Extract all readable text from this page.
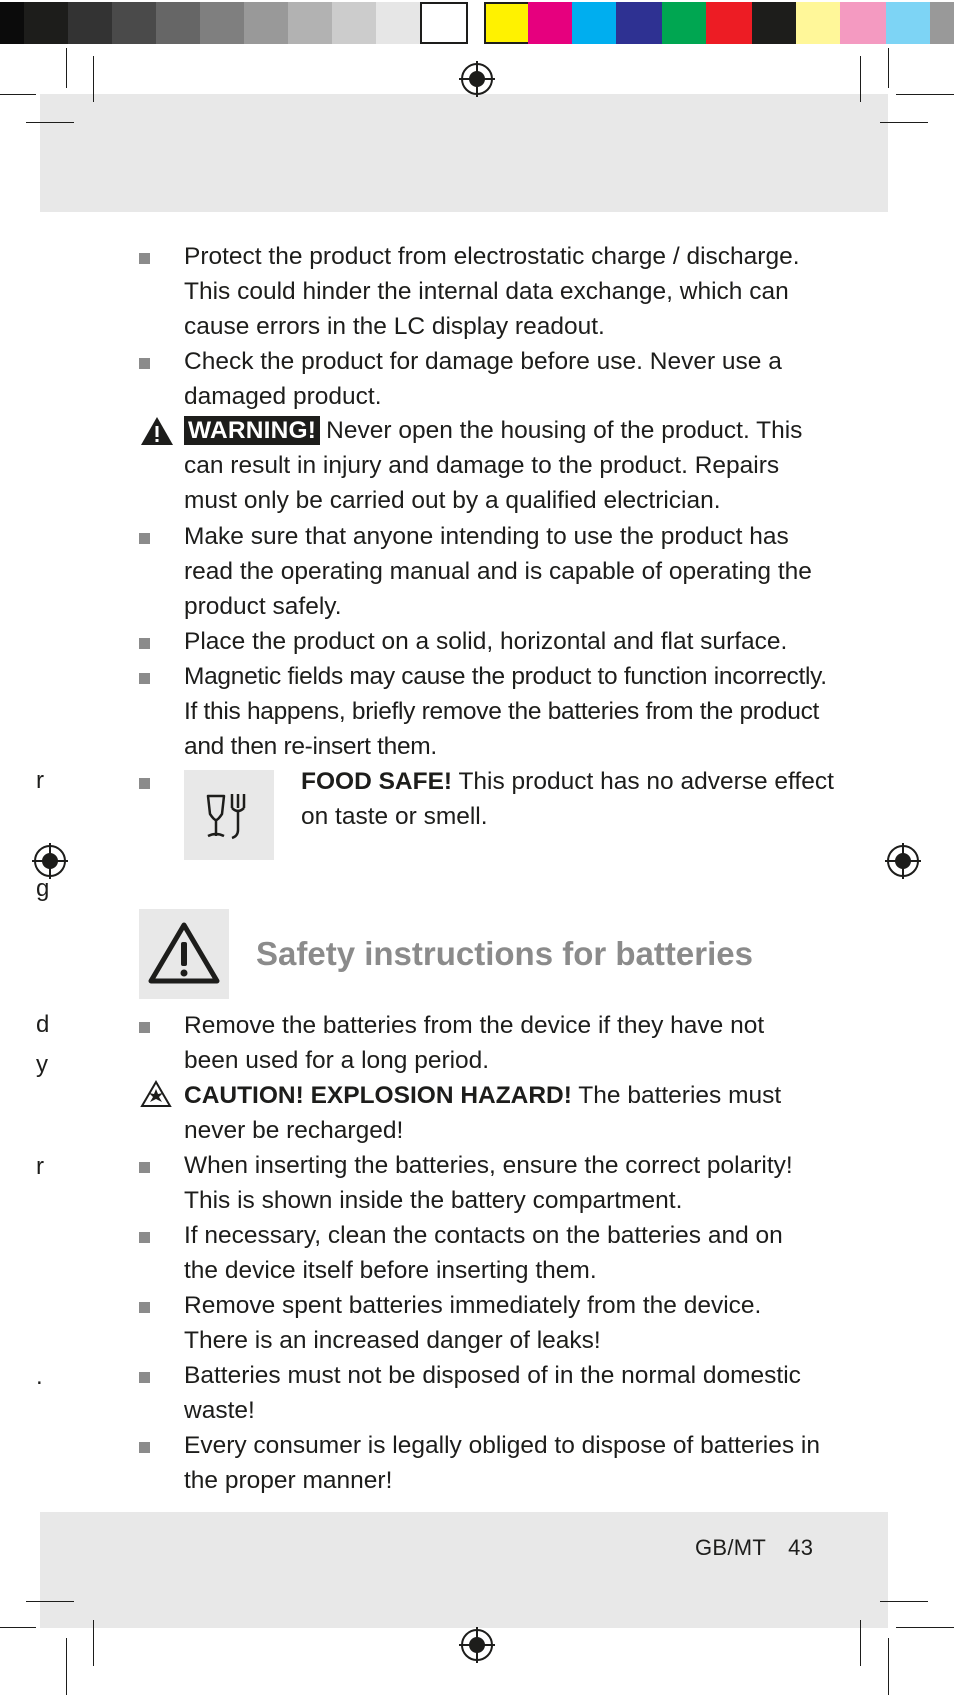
r
g
d
y
r
.

Protect the product from electrostatic charge / discharge. This could hinder the internal data exchange, which can cause errors in the LC display readout.

Check the product for damage before use. Never use a damaged product.

WARNING! Never open the housing of the product. This can result in injury and damage to the product. Repairs must only be carried out by a qualified electrician.

Make sure that anyone intending to use the product has read the operating manual and is capable of operating the product safely.

Place the product on a solid, horizontal and flat surface.

Magnetic fields may cause the product to function incorrectly. If this happens, briefly remove the batteries from the product and then re-insert them.

FOOD SAFE! This product has no adverse effect on taste or smell.

Safety instructions for batteries

Remove the batteries from the device if they have not been used for a long period.

CAUTION! EXPLOSION HAZARD! The batteries must never be recharged!

When inserting the batteries, ensure the correct polarity! This is shown inside the battery compartment.

If necessary, clean the contacts on the batteries and on the device itself before inserting them.

Remove spent batteries immediately from the device. There is an increased danger of leaks!

Batteries must not be disposed of in the normal domestic waste!

Every consumer is legally obliged to dispose of batteries in the proper manner!

GB/MT 43
